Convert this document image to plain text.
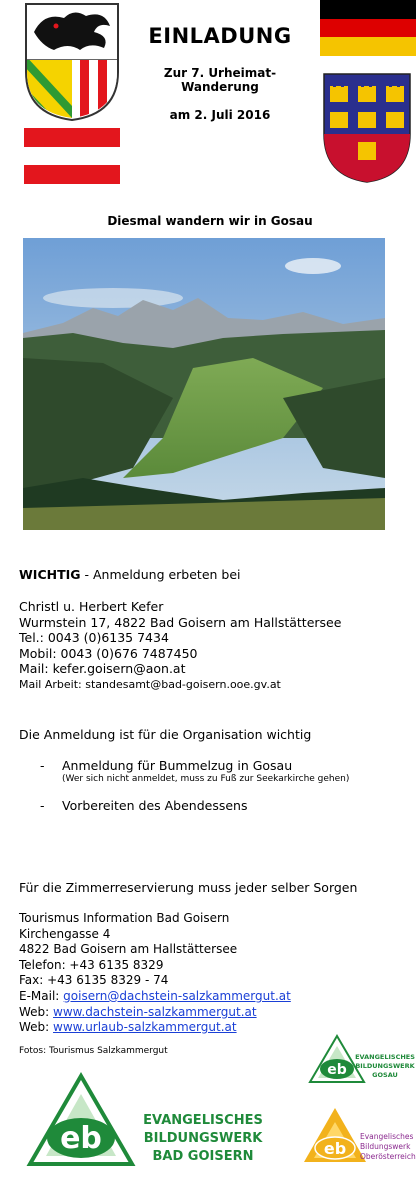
EINLADUNG
Zur 7. Urheimat-
Wanderung
am 2. Juli 2016
Diesmal wandern wir in Gosau
WICHTIG - Anmeldung erbeten bei
Christl u. Herbert Kefer
Wurmstein 17, 4822 Bad Goisern am Hallstättersee
Tel.: 0043 (0)6135 7434
Mobil: 0043 (0)676 7487450
Mail: kefer.goisern@aon.at
Mail Arbeit: standesamt@bad-goisern.ooe.gv.at
Die Anmeldung ist für die Organisation wichtig
- Anmeldung für Bummelzug in Gosau
(Wer sich nicht anmeldet, muss zu Fuß zur Seekarkirche gehen)
- Vorbereiten des Abendessens
Für die Zimmerreservierung muss jeder selber Sorgen
Tourismus Information Bad Goisern
Kirchengasse 4
4822 Bad Goisern am Hallstättersee
Telefon: +43 6135 8329
Fax: +43 6135 8329 - 74
E-Mail: goisern@dachstein-salzkammergut.at
Web: www.dachstein-salzkammergut.at
Web: www.urlaub-salzkammergut.at
Fotos: Tourismus Salzkammergut
eb
EVANGELISCHES
BILDUNGSWERK
BAD GOISERN
eb
EVANGELISCHES
BILDUNGSWERK
GOSAU
eb
Evangelisches
Bildungswerk
Oberösterreich
